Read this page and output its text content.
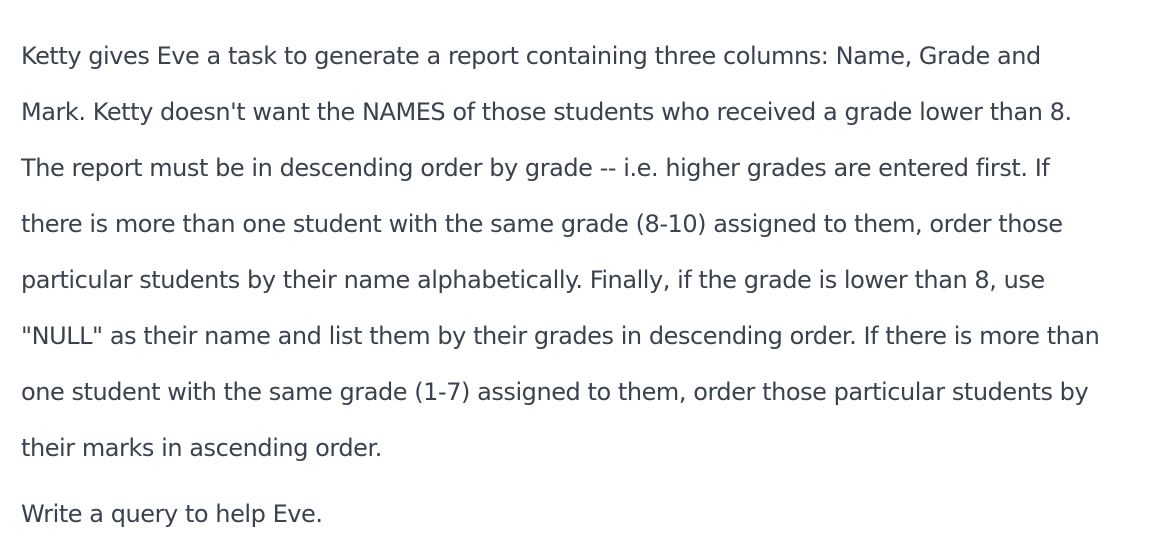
Ketty gives Eve a task to generate a report containing three columns: Name, Grade and
Mark. Ketty doesn't want the NAMES of those students who received a grade lower than 8.
The report must be in descending order by grade -- i.e. higher grades are entered first. If
there is more than one student with the same grade (8-10) assigned to them, order those
particular students by their name alphabetically. Finally, if the grade is lower than 8, use
"NULL" as their name and list them by their grades in descending order. If there is more than
one student with the same grade (1-7) assigned to them, order those particular students by
their marks in ascending order.

Write a query to help Eve.
